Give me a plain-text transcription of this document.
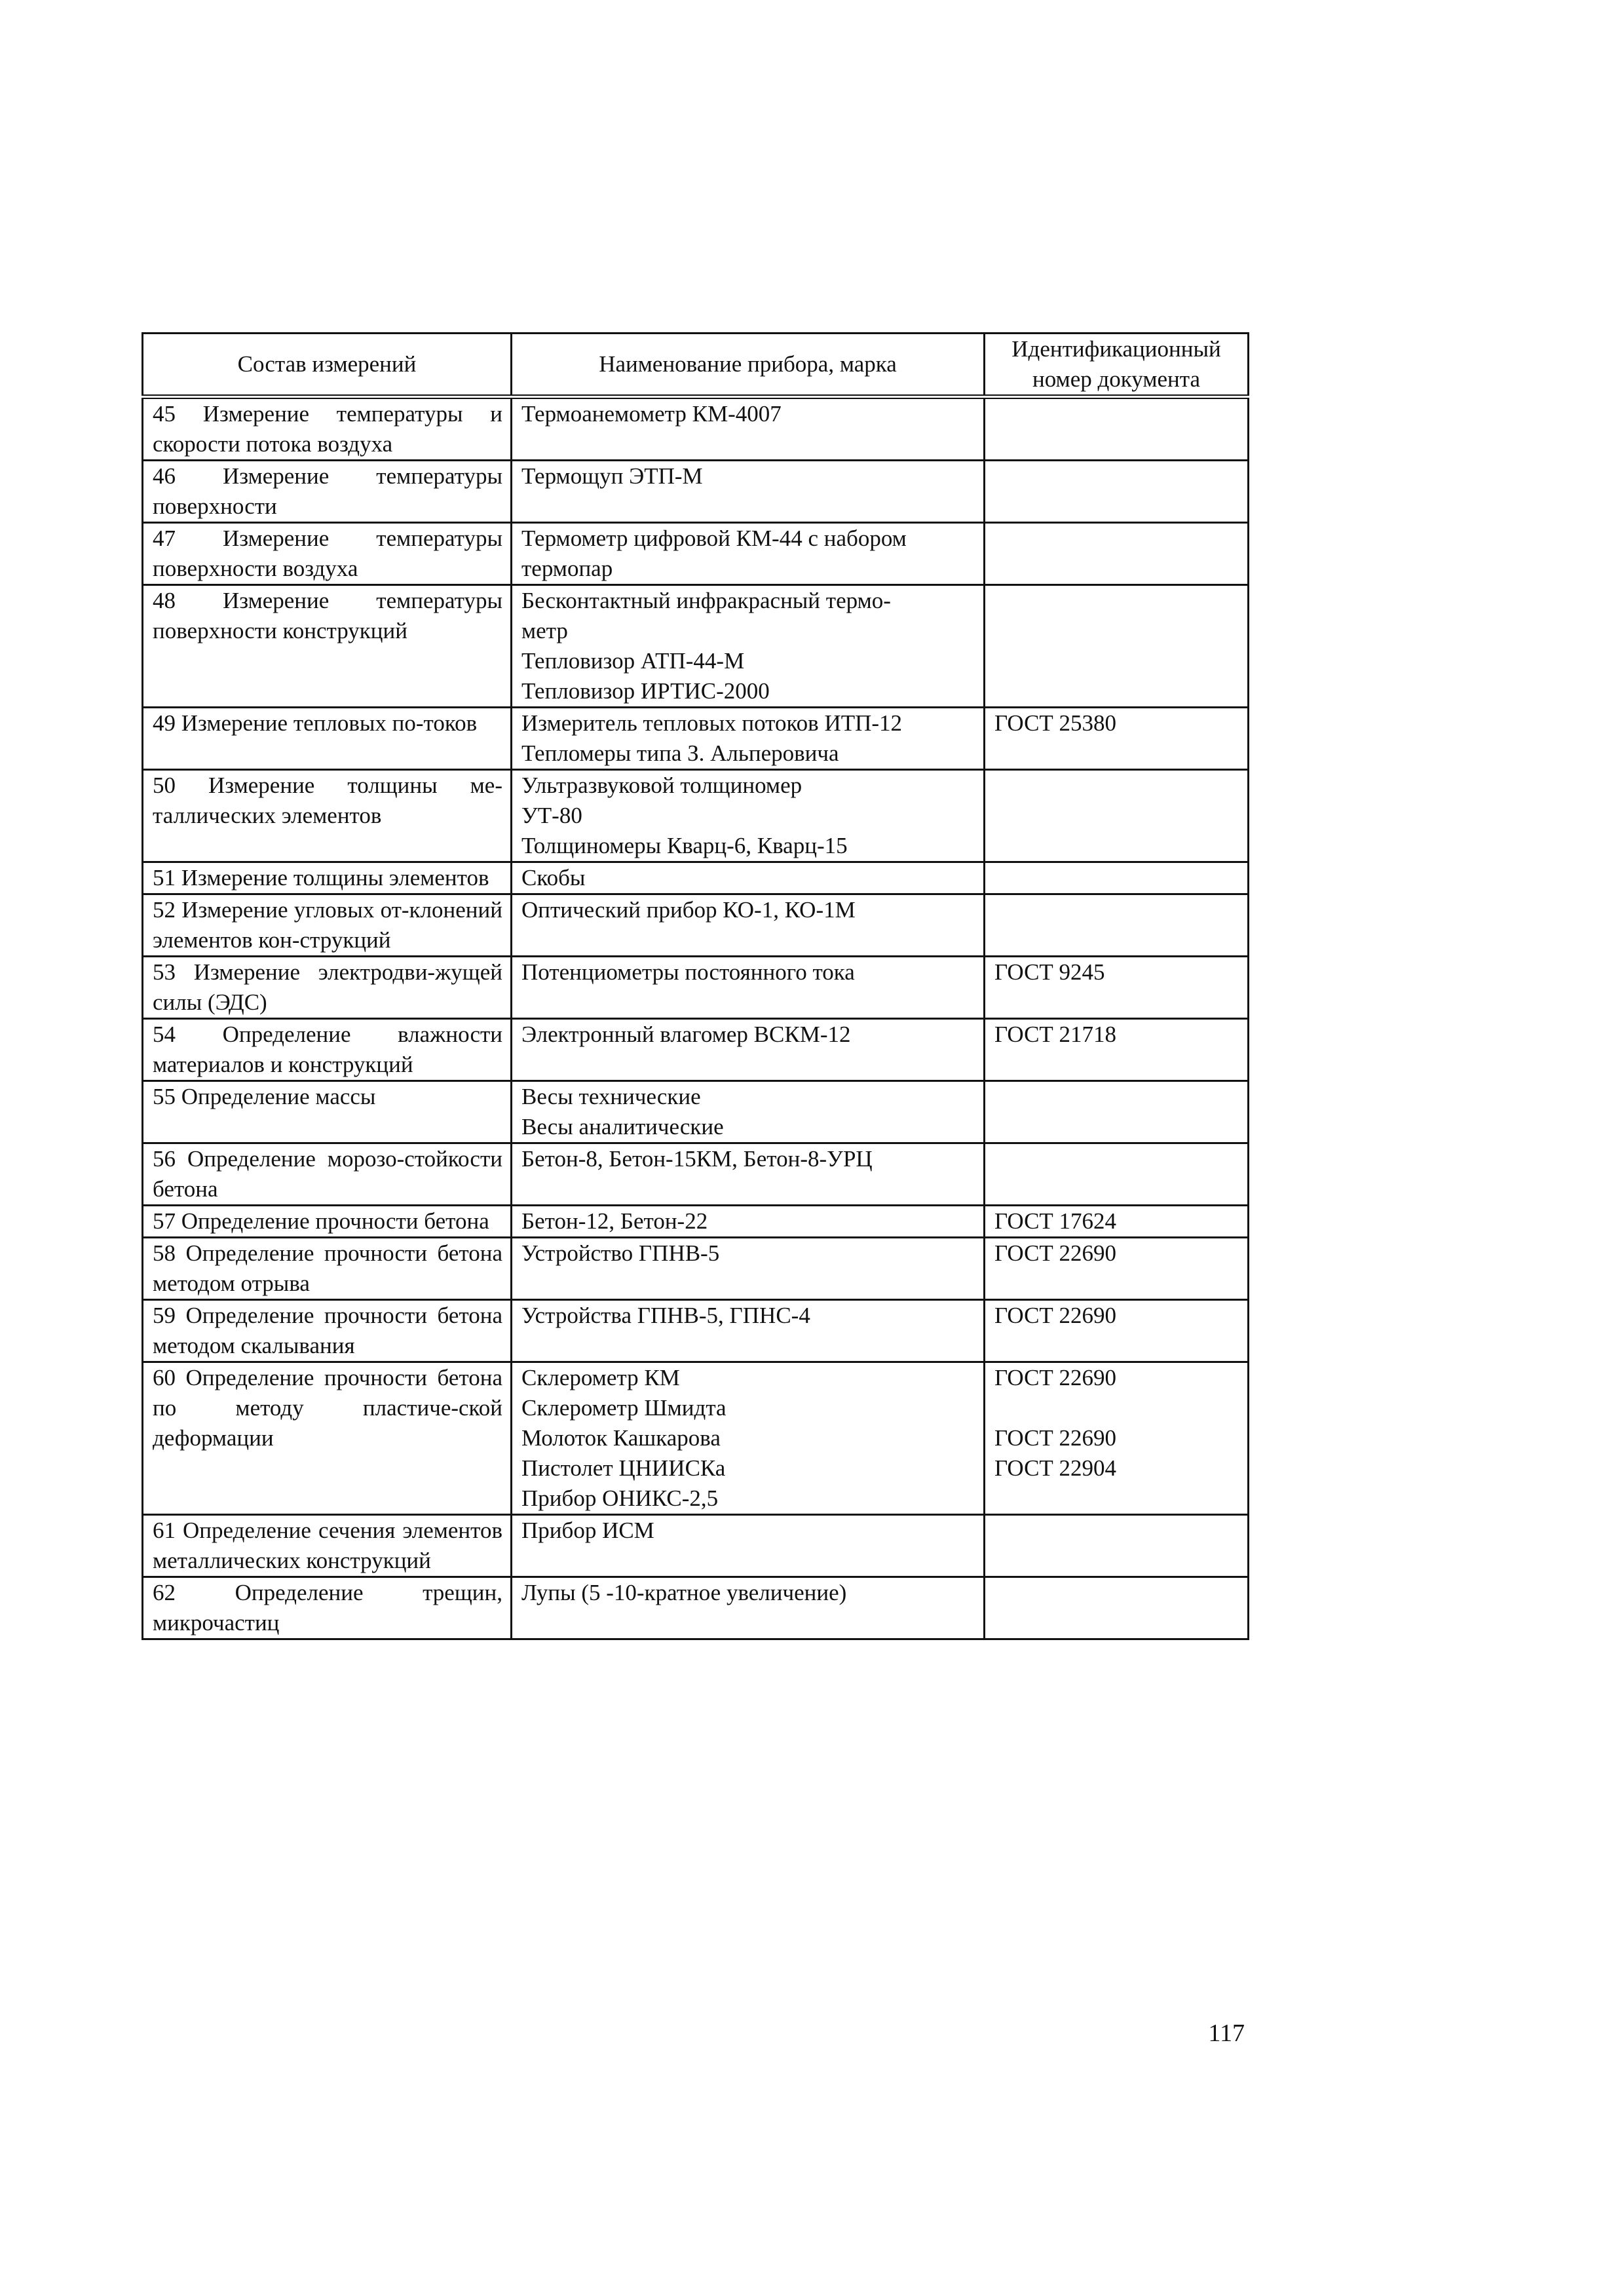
Состав измерений	Наименование прибора, марка	Идентификационный номер документа
45 Измерение температуры и скорости потока воздуха	Термоанемометр КМ-4007	

46 Измерение температуры поверхности	Термощуп ЭТП-М	

47 Измерение температуры поверхности воздуха	Термометр цифровой КМ-44 с набором
термопар	

48 Измерение температуры поверхности конструкций	Бесконтактный инфракрасный термо-
метр
Тепловизор АТП-44-М
Тепловизор ИРТИС-2000	

49 Измерение тепловых по-токов	Измеритель тепловых потоков ИТП-12
Тепломеры типа З. Альперовича	ГОСТ 25380

50 Измерение толщины ме-таллических элементов	Ультразвуковой толщиномер
УТ-80
Толщиномеры Кварц-6, Кварц-15	

51 Измерение толщины элементов	Скобы	

52 Измерение угловых от-клонений элементов кон-струкций	Оптический прибор КО-1, КО-1М	

53 Измерение электродви-жущей силы (ЭДС)	Потенциометры постоянного тока	ГОСТ 9245

54 Определение влажности материалов и конструкций	Электронный влагомер ВСКМ-12	ГОСТ 21718

55 Определение массы	Весы технические
Весы аналитические	

56 Определение морозо-стойкости бетона	Бетон-8, Бетон-15КМ, Бетон-8-УРЦ	

57 Определение прочности бетона	Бетон-12, Бетон-22	ГОСТ 17624

58 Определение прочности бетона методом отрыва	Устройство ГПНВ-5	ГОСТ 22690

59 Определение прочности бетона методом скалывания	Устройства ГПНВ-5, ГПНС-4	ГОСТ 22690

60 Определение прочности бетона по методу пластиче-ской деформации	Склерометр КМ
Склерометр Шмидта
Молоток Кашкарова
Пистолет ЦНИИСКа
Прибор ОНИКС-2,5	ГОСТ 22690
ГОСТ 22690
ГОСТ 22904

61 Определение сечения элементов металлических конструкций	Прибор ИСМ	

62 Определение трещин, микрочастиц	Лупы (5 -10-кратное увеличение)	

117
